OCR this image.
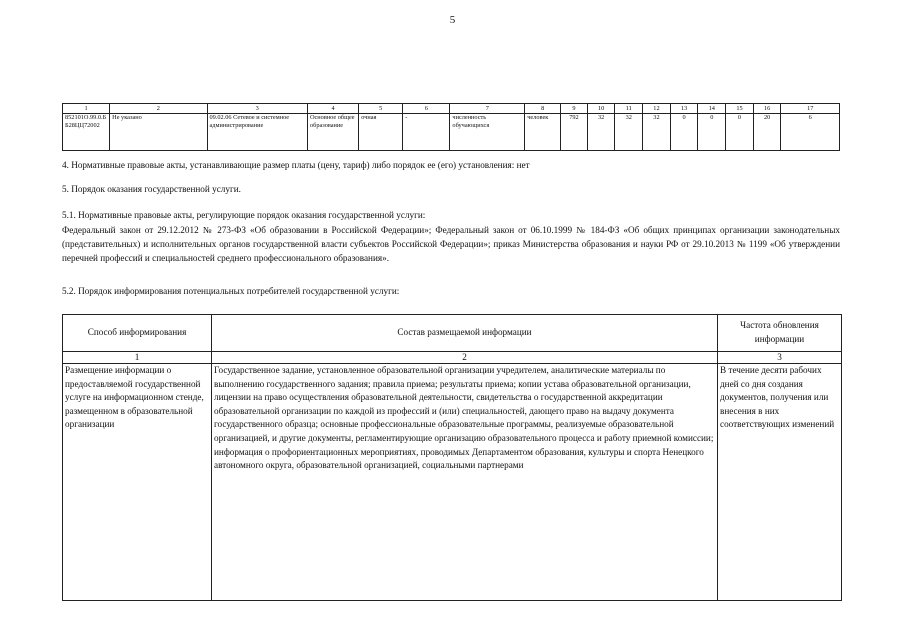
5
1	2	3	4	5	6	7	8	9	10	11	12	13	14	15	16	17
852101О.99.0.ББ28ЦЦ72002	Не указано	09.02.06 Сетевое и системное администрирование	Основное общее образование	очная	-	численность обучающихся	человек	792	32	32	32	0	0	0	20	6
4. Нормативные правовые акты, устанавливающие размер платы (цену, тариф) либо порядок ее (его) установления: нет
5. Порядок оказания государственной услуги.
5.1. Нормативные правовые акты, регулирующие порядок оказания государственной услуги:
Федеральный закон от 29.12.2012 № 273-ФЗ «Об образовании в Российской Федерации»; Федеральный закон от 06.10.1999 № 184-ФЗ «Об общих принципах организации законодательных (представительных) и исполнительных органов государственной власти субъектов Российской Федерации»; приказ Министерства образования и науки РФ от 29.10.2013 № 1199 «Об утверждении перечней профессий и специальностей среднего профессионального образования».
5.2. Порядок информирования потенциальных потребителей государственной услуги:
Способ информирования	Состав размещаемой информации	Частота обновления информации
1	2	3
Размещение информации о предоставляемой государственной услуге на информационном стенде, размещенном в образовательной организации	Государственное задание, установленное образовательной организации учредителем, аналитические материалы по выполнению государственного задания; правила приема; результаты приема; копии устава образовательной организации, лицензии на право осуществления образовательной деятельности, свидетельства о государственной аккредитации образовательной организации по каждой из профессий и (или) специальностей, дающего право на выдачу документа государственного образца; основные профессиональные образовательные программы, реализуемые образовательной организацией, и другие документы, регламентирующие организацию образовательного процесса и работу приемной комиссии; информация о профориентационных мероприятиях, проводимых Департаментом образования, культуры и спорта Ненецкого автономного округа, образовательной организацией, социальными партнерами	В течение десяти рабочих дней со дня создания документов, получения или внесения в них соответствующих изменений
